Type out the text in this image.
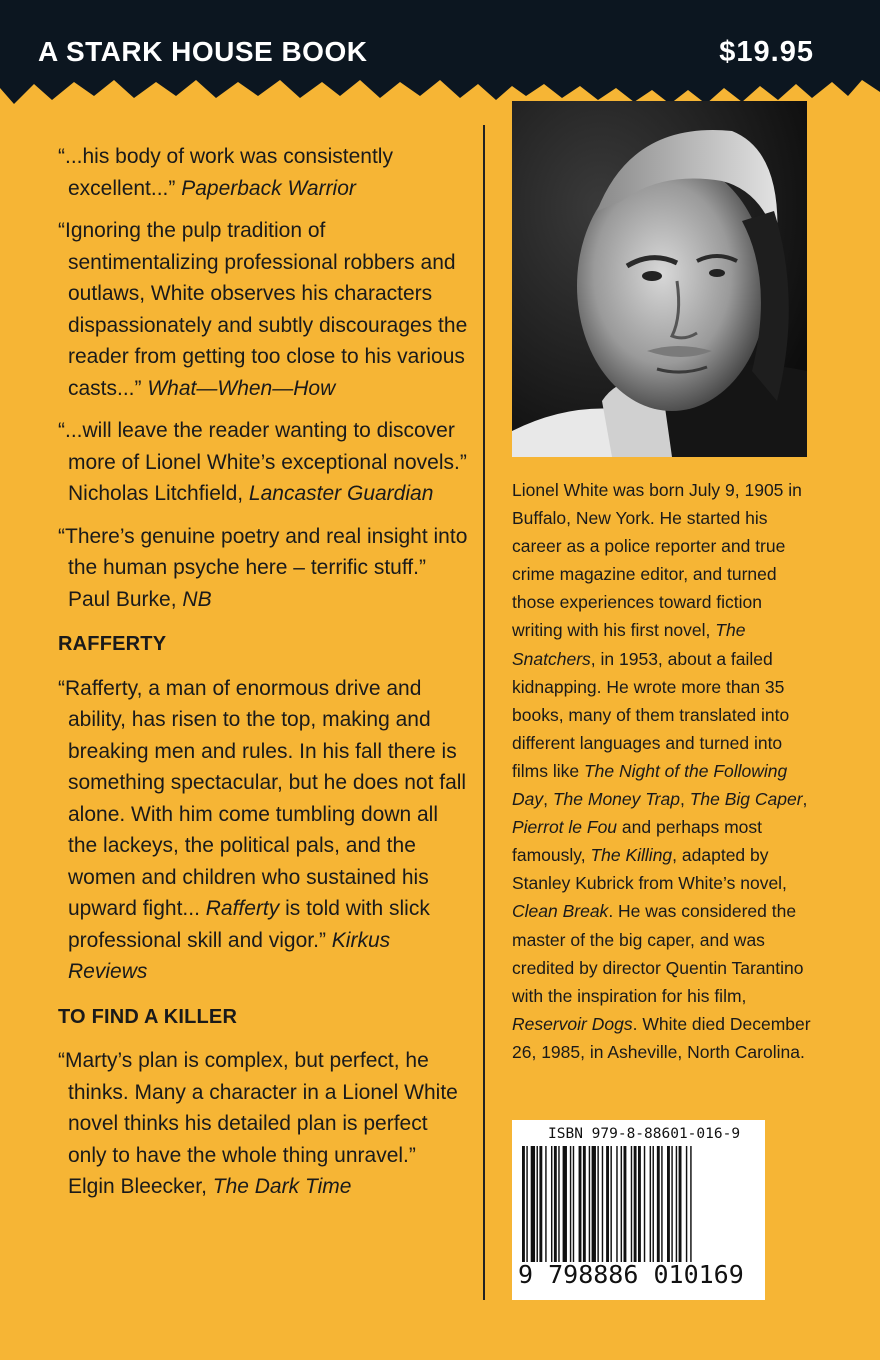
A STARK HOUSE BOOK	$19.95

“...his body of work was consistently excellent...” Paperback Warrior

“Ignoring the pulp tradition of sentimentalizing professional robbers and outlaws, White observes his characters dispassionately and subtly discourages the reader from getting too close to his various casts...” What—When—How

“...will leave the reader wanting to discover more of Lionel White’s exceptional novels.” Nicholas Litchfield, Lancaster Guardian

“There’s genuine poetry and real insight into the human psyche here – terrific stuff.” Paul Burke, NB

RAFFERTY

“Rafferty, a man of enormous drive and ability, has risen to the top, making and breaking men and rules. In his fall there is something spectacular, but he does not fall alone. With him come tumbling down all the lackeys, the political pals, and the women and children who sustained his upward fight... Rafferty is told with slick professional skill and vigor.” Kirkus Reviews

TO FIND A KILLER

“Marty’s plan is complex, but perfect, he thinks. Many a character in a Lionel White novel thinks his detailed plan is perfect only to have the whole thing unravel.” Elgin Bleecker, The Dark Time

Lionel White was born July 9, 1905 in Buffalo, New York. He started his career as a police reporter and true crime magazine editor, and turned those experiences toward fiction writing with his first novel, The Snatchers, in 1953, about a failed kidnapping. He wrote more than 35 books, many of them translated into different languages and turned into films like The Night of the Following Day, The Money Trap, The Big Caper, Pierrot le Fou and perhaps most famously, The Killing, adapted by Stanley Kubrick from White’s novel, Clean Break. He was considered the master of the big caper, and was credited by director Quentin Tarantino with the inspiration for his film, Reservoir Dogs. White died December 26, 1985, in Asheville, North Carolina.
ISBN 979-8-88601-016-9
9 798886 010169
